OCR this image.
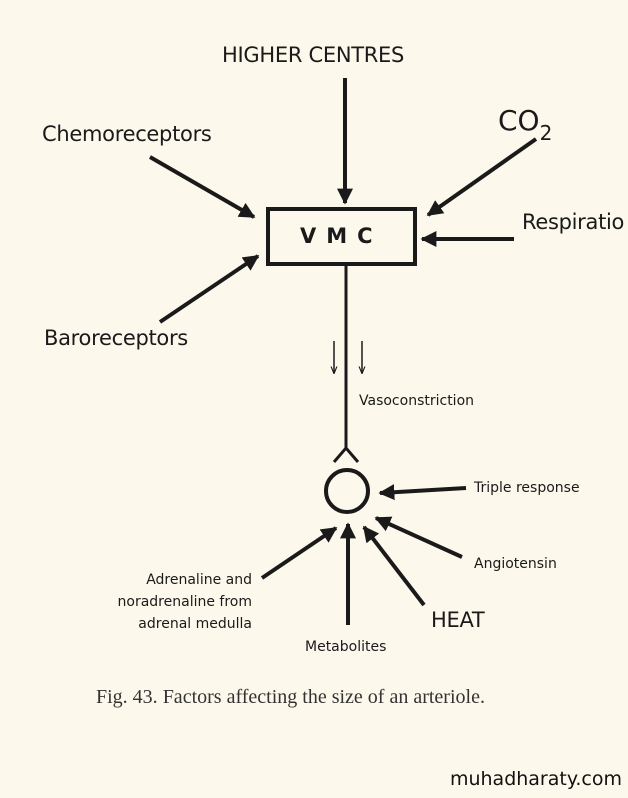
HIGHER CENTRES
Chemoreceptors
Baroreceptors
$CO_2$
Respiratio
VMC
Vasoconstriction
Triple response
Angiotensin
HEAT
Metabolites
Adrenaline and
noradrenaline from
adrenal medulla
Fig. 43. Factors affecting the size of an arteriole.
muhadharaty.com
